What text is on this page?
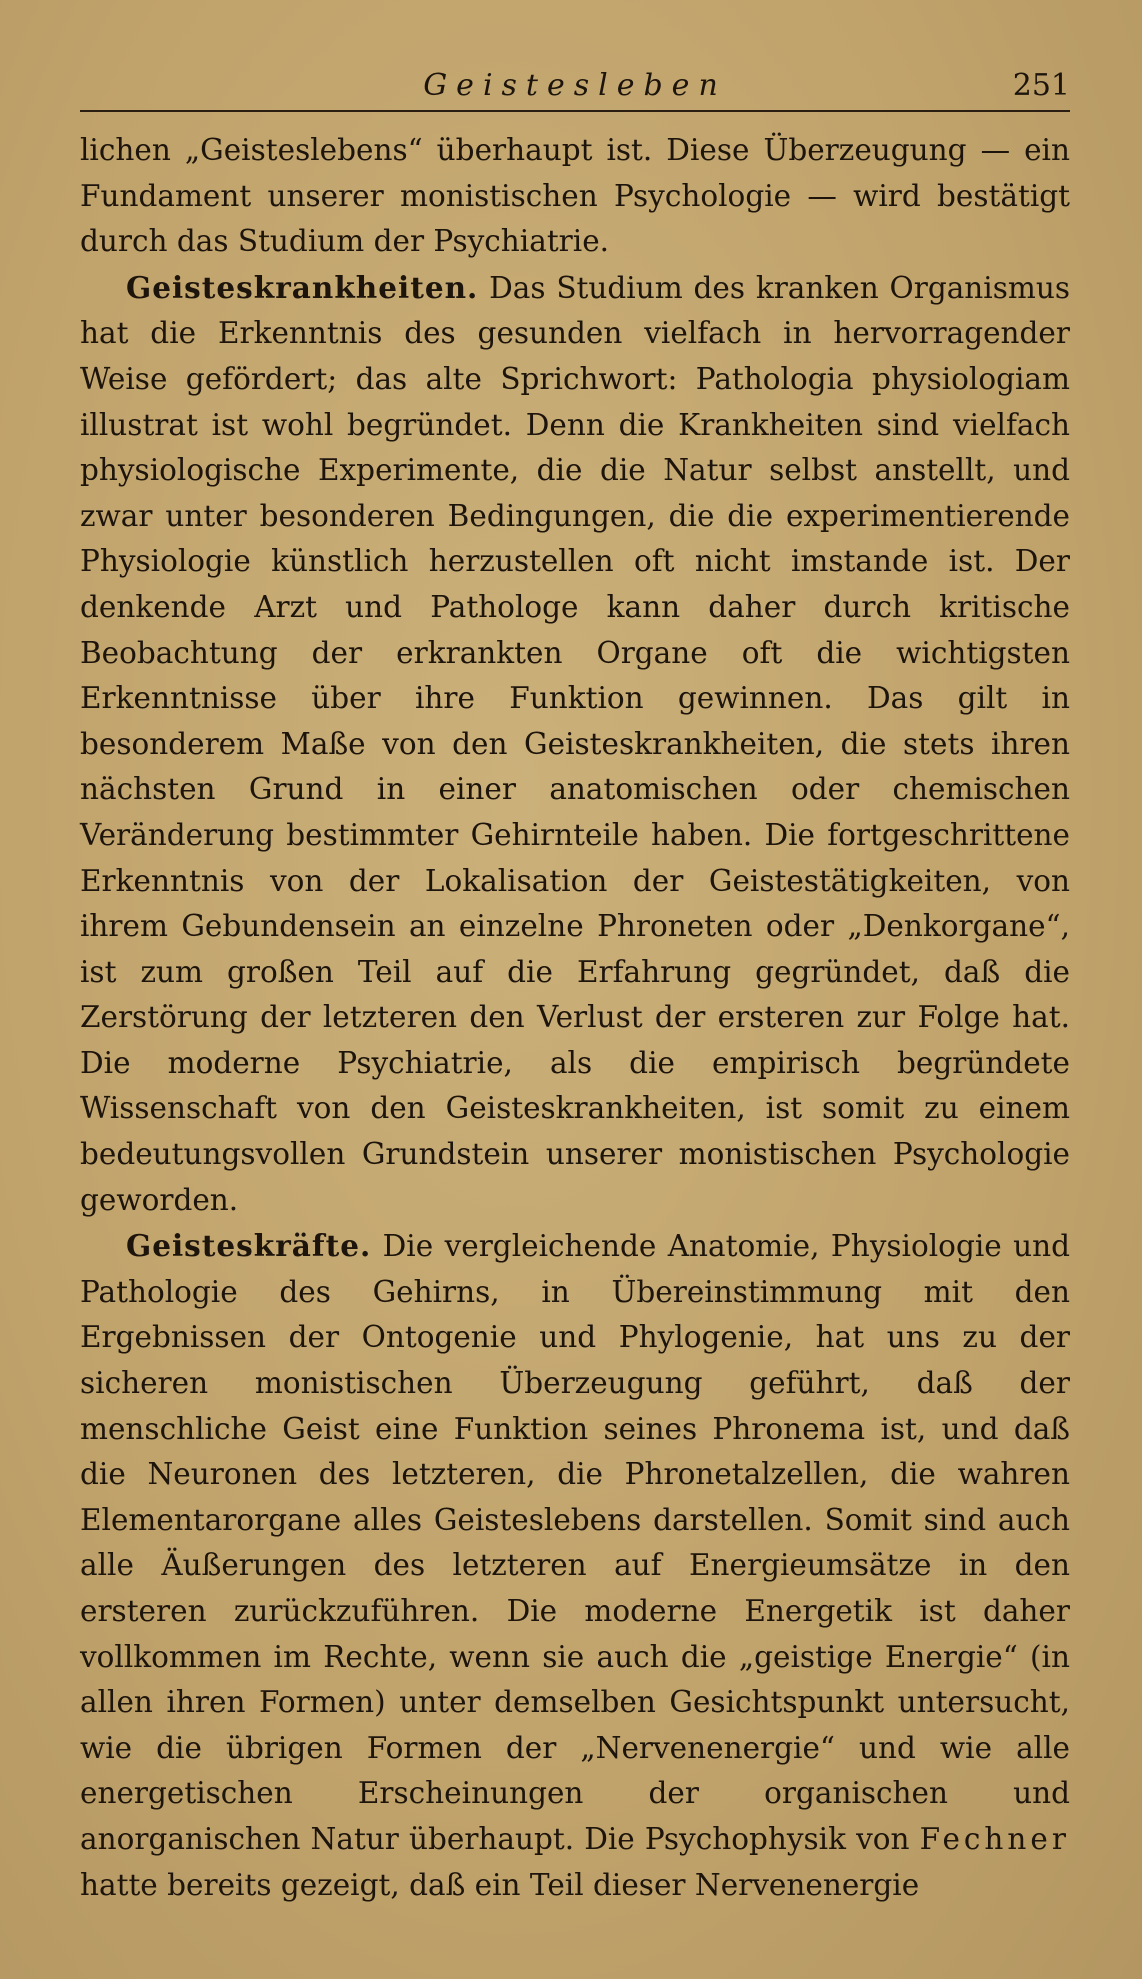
Geistesleben	251

lichen „Geisteslebens“ überhaupt ist. Diese Überzeugung — ein Fundament unserer monistischen Psychologie — wird bestätigt durch das Studium der Psychiatrie.

Geisteskrankheiten. Das Studium des kranken Organismus hat die Erkenntnis des gesunden vielfach in hervorragender Weise gefördert; das alte Sprichwort: Pathologia physiologiam illustrat ist wohl begründet. Denn die Krankheiten sind vielfach physiologische Experimente, die die Natur selbst anstellt, und zwar unter besonderen Bedingungen, die die experimentierende Physiologie künstlich herzustellen oft nicht imstande ist. Der denkende Arzt und Pathologe kann daher durch kritische Beobachtung der erkrankten Organe oft die wichtigsten Erkenntnisse über ihre Funktion gewinnen. Das gilt in besonderem Maße von den Geisteskrankheiten, die stets ihren nächsten Grund in einer anatomischen oder chemischen Veränderung bestimmter Gehirnteile haben. Die fortgeschrittene Erkenntnis von der Lokalisation der Geistestätigkeiten, von ihrem Gebundensein an einzelne Phroneten oder „Denkorgane“, ist zum großen Teil auf die Erfahrung gegründet, daß die Zerstörung der letzteren den Verlust der ersteren zur Folge hat. Die moderne Psychiatrie, als die empirisch begründete Wissenschaft von den Geisteskrankheiten, ist somit zu einem bedeutungsvollen Grundstein unserer monistischen Psychologie geworden.

Geisteskräfte. Die vergleichende Anatomie, Physiologie und Pathologie des Gehirns, in Übereinstimmung mit den Ergebnissen der Ontogenie und Phylogenie, hat uns zu der sicheren monistischen Überzeugung geführt, daß der menschliche Geist eine Funktion seines Phronema ist, und daß die Neuronen des letzteren, die Phronetalzellen, die wahren Elementarorgane alles Geisteslebens darstellen. Somit sind auch alle Äußerungen des letzteren auf Energieumsätze in den ersteren zurückzuführen. Die moderne Energetik ist daher vollkommen im Rechte, wenn sie auch die „geistige Energie“ (in allen ihren Formen) unter demselben Gesichtspunkt untersucht, wie die übrigen Formen der „Nervenenergie“ und wie alle energetischen Erscheinungen der organischen und anorganischen Natur überhaupt. Die Psychophysik von Fechner hatte bereits gezeigt, daß ein Teil dieser Nervenenergie
